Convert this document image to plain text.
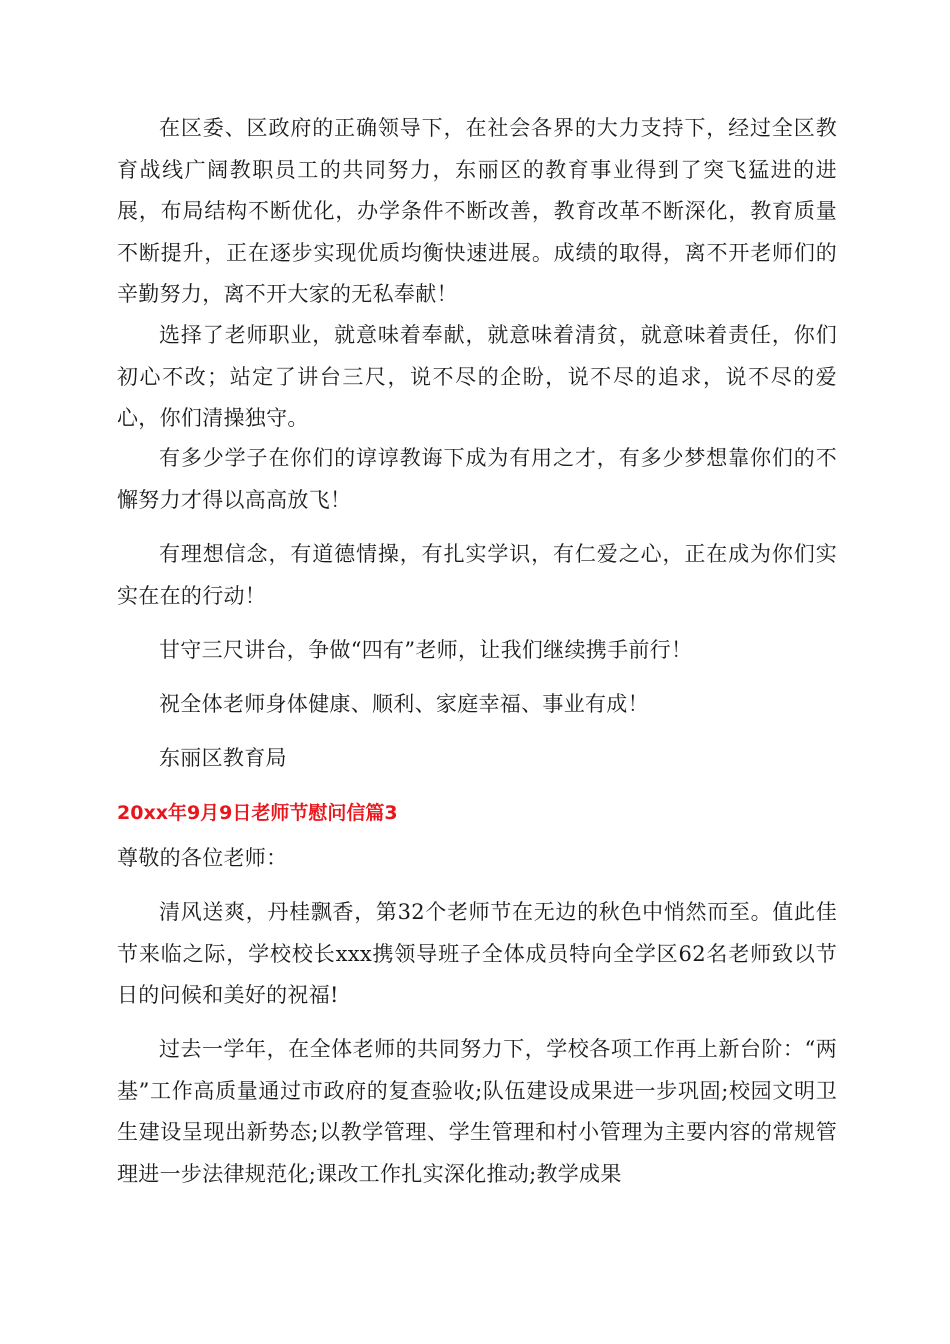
在区委、区政府的正确领导下，在社会各界的大力支持下，经过全区教育战线广阔教职员工的共同努力，东丽区的教育事业得到了突飞猛进的进展，布局结构不断优化，办学条件不断改善，教育改革不断深化，教育质量不断提升，正在逐步实现优质均衡快速进展。成绩的取得，离不开老师们的辛勤努力，离不开大家的无私奉献！

选择了老师职业，就意味着奉献，就意味着清贫，就意味着责任，你们初心不改；站定了讲台三尺，说不尽的企盼，说不尽的追求，说不尽的爱心，你们清操独守。

有多少学子在你们的谆谆教诲下成为有用之才，有多少梦想靠你们的不懈努力才得以高高放飞！

有理想信念，有道德情操，有扎实学识，有仁爱之心，正在成为你们实实在在的行动！

甘守三尺讲台，争做“四有”老师，让我们继续携手前行！

祝全体老师身体健康、顺利、家庭幸福、事业有成！

东丽区教育局

20xx年9月9日老师节慰问信篇3

尊敬的各位老师：

清风送爽，丹桂飘香，第32个老师节在无边的秋色中悄然而至。值此佳节来临之际，学校校长xxx携领导班子全体成员特向全学区62名老师致以节日的问候和美好的祝福!

过去一学年，在全体老师的共同努力下，学校各项工作再上新台阶：“两基”工作高质量通过市政府的复查验收;队伍建设成果进一步巩固;校园文明卫生建设呈现出新势态;以教学管理、学生管理和村小管理为主要内容的常规管理进一步法律规范化;课改工作扎实深化推动;教学成果
